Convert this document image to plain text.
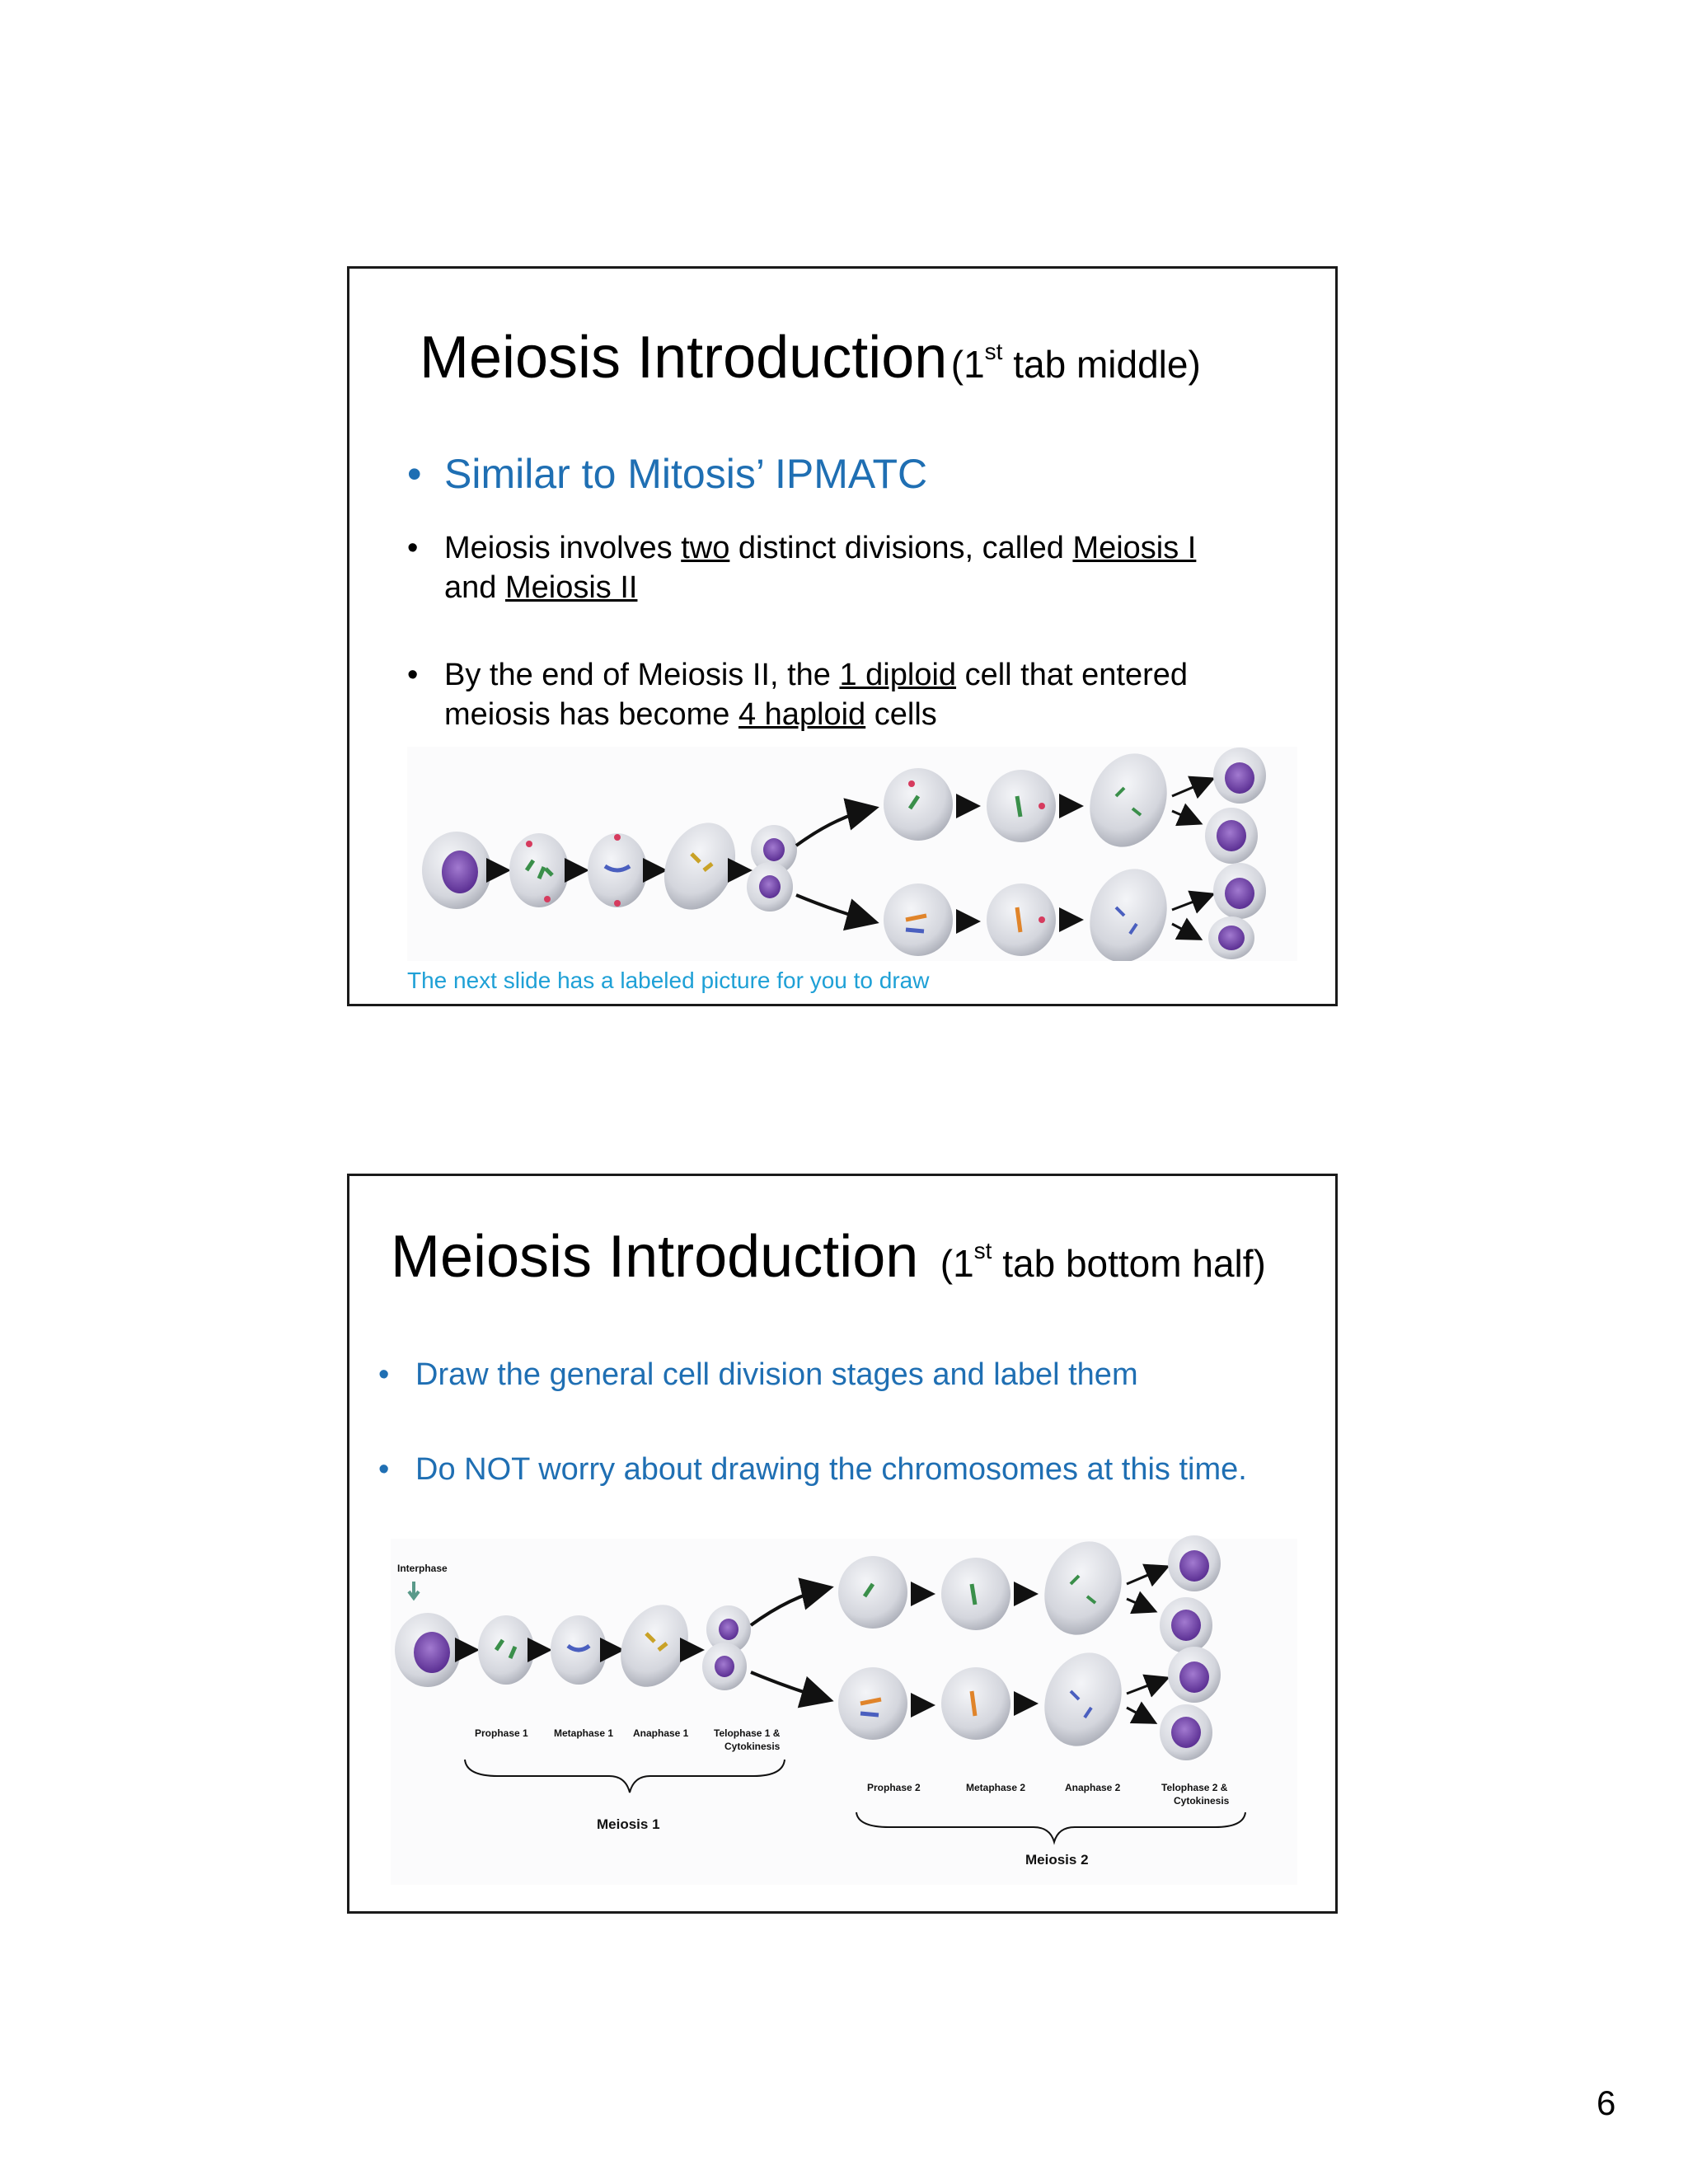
Meiosis Introduction (1st tab middle)
• Similar to Mitosis’ IPMATC
• Meiosis involves two distinct divisions, called Meiosis I
and Meiosis II
• By the end of Meiosis II, the 1 diploid cell that entered meiosis has become 4 haploid cells
The next slide has a labeled picture for you to draw
Meiosis Introduction (1st tab bottom half)
• Draw the general cell division stages and label them
• Do NOT worry about drawing the chromosomes at this time.
Interphase
Prophase 1	Metaphase 1 Anaphase 1	Telophase 1 &
Cytokinesis
Meiosis 1
Prophase 2	Metaphase 2	Anaphase 2	Telophase 2 &
Cytokinesis
Meiosis 2
6
